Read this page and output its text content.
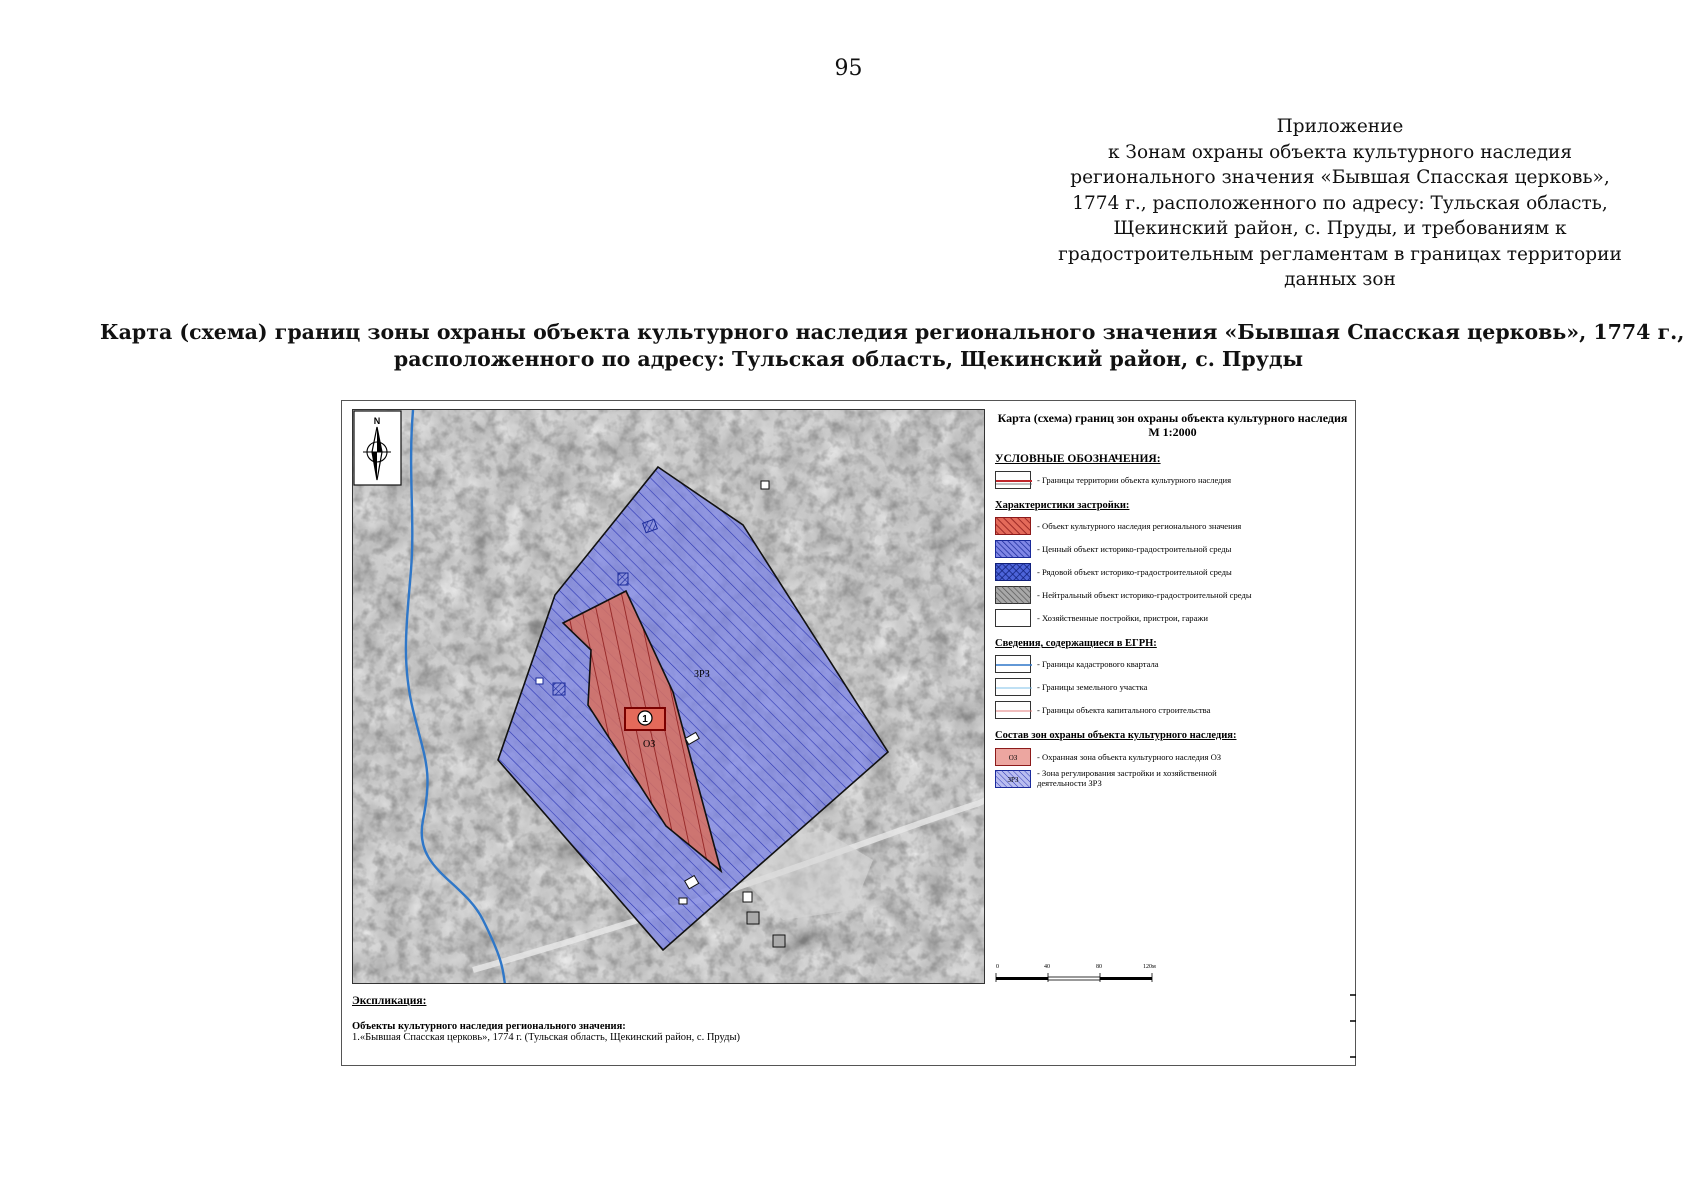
95
Приложение
к Зонам охраны объекта культурного наследия
регионального значения «Бывшая Спасская церковь»,
1774 г., расположенного по адресу: Тульская область,
Щекинский район, с. Пруды, и требованиям к
градостроительным регламентам в границах территории
данных зон
Карта (схема) границ зоны охраны объекта культурного наследия регионального значения «Бывшая Спасская церковь», 1774 г.,
расположенного по адресу: Тульская область, Щекинский район, с. Пруды
1
ЗРЗ
ОЗ
N	Карта (схема) границ зон охраны объекта культурного наследия М 1:2000
УСЛОВНЫЕ ОБОЗНАЧЕНИЯ:
- Границы территории объекта культурного наследия
Характеристики застройки:
- Объект культурного наследия регионального значения
- Ценный объект историко-градостроительной среды
- Рядовой объект историко-градостроительной среды
- Нейтральный объект историко-градостроительной среды
- Хозяйственные постройки, пристрои, гаражи
Сведения, содержащиеся в ЕГРН:
- Границы кадастрового квартала
- Границы земельного участка
- Границы объекта капитального строительства
Состав зон охраны объекта культурного наследия:
ОЗ - Охранная зона объекта культурного наследия ОЗ
ЗРЗ
- Зона регулирования застройки и хозяйственной
деятельности ЗРЗ
0	40	80	120м
Экспликация:
Объекты культурного наследия регионального значения:
1.«Бывшая Спасская церковь», 1774 г. (Тульская область, Щекинский район, с. Пруды)
